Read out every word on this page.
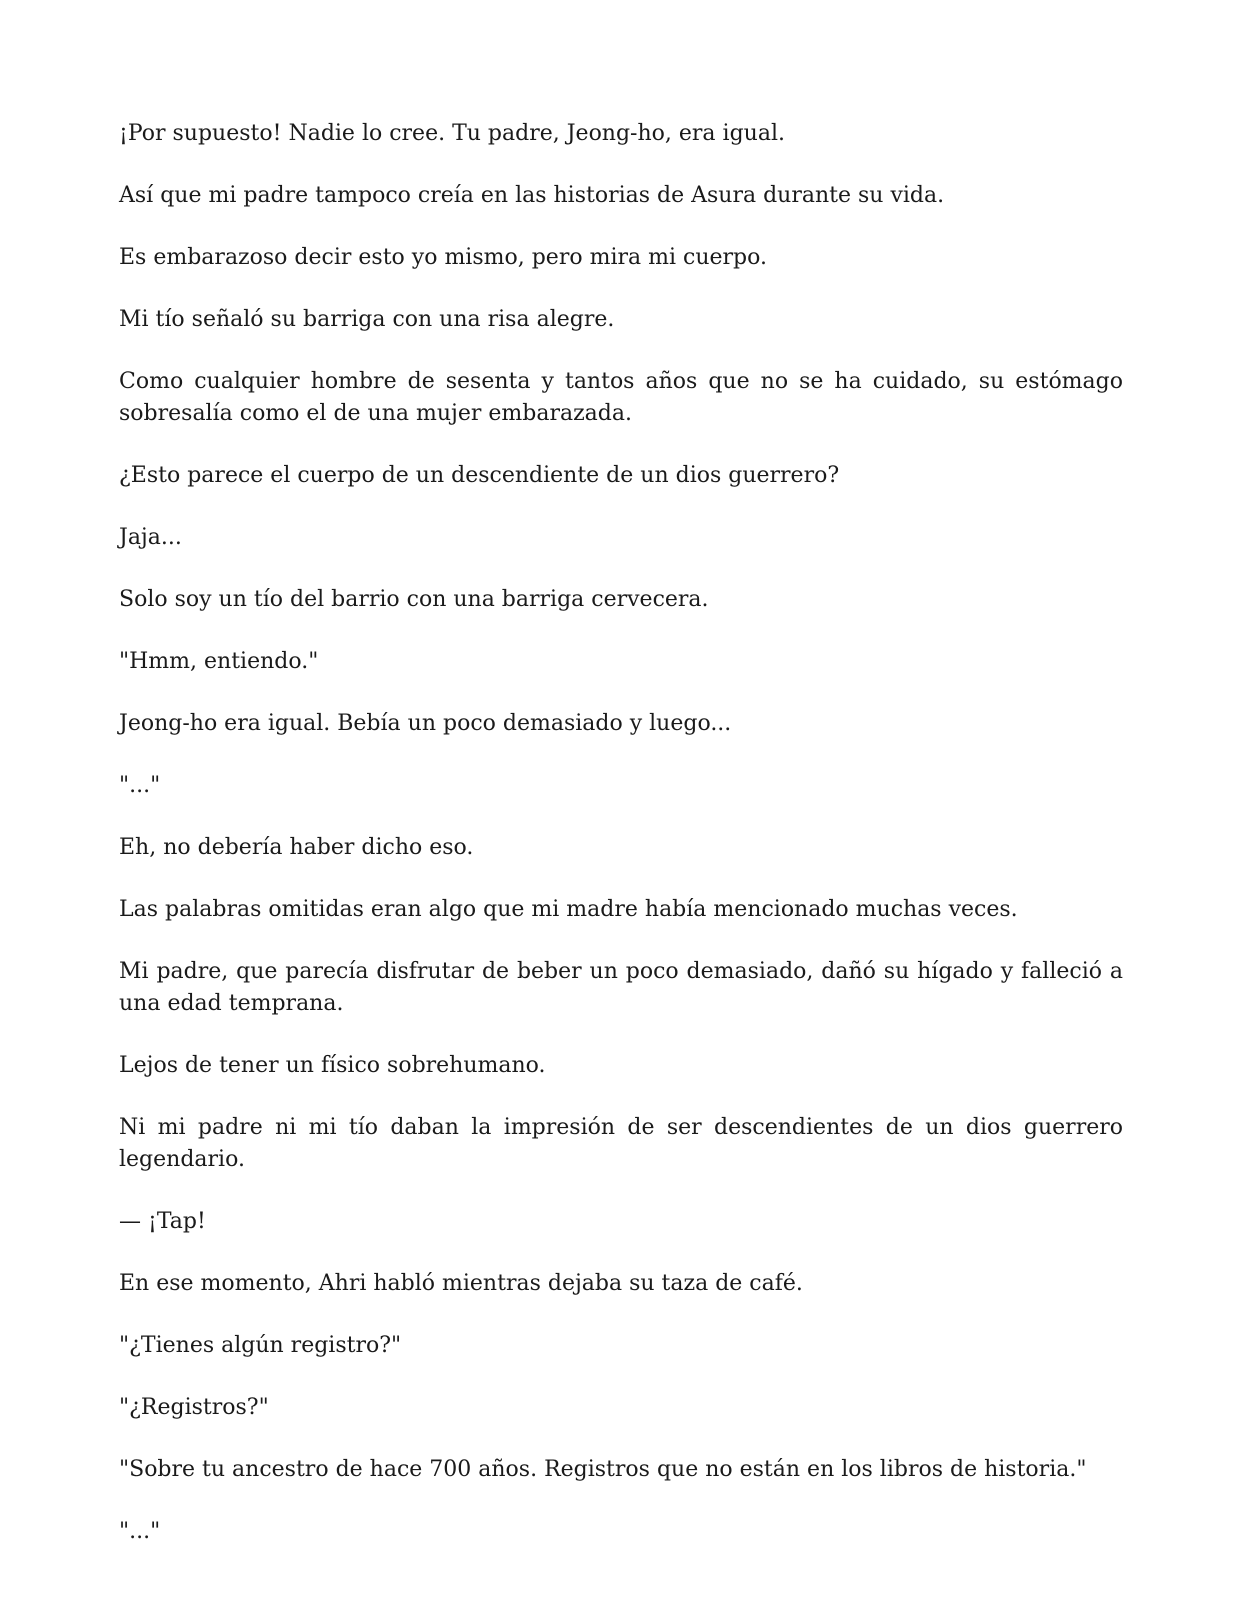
¡Por supuesto! Nadie lo cree. Tu padre, Jeong-ho, era igual.

Así que mi padre tampoco creía en las historias de Asura durante su vida.

Es embarazoso decir esto yo mismo, pero mira mi cuerpo.

Mi tío señaló su barriga con una risa alegre.

Como cualquier hombre de sesenta y tantos años que no se ha cuidado, su estómago sobresalía como el de una mujer embarazada.

¿Esto parece el cuerpo de un descendiente de un dios guerrero?

Jaja...

Solo soy un tío del barrio con una barriga cervecera.

"Hmm, entiendo."

Jeong-ho era igual. Bebía un poco demasiado y luego...

"..."

Eh, no debería haber dicho eso.

Las palabras omitidas eran algo que mi madre había mencionado muchas veces.

Mi padre, que parecía disfrutar de beber un poco demasiado, dañó su hígado y falleció a una edad temprana.

Lejos de tener un físico sobrehumano.

Ni mi padre ni mi tío daban la impresión de ser descendientes de un dios guerrero legendario.

— ¡Tap!

En ese momento, Ahri habló mientras dejaba su taza de café.

"¿Tienes algún registro?"

"¿Registros?"

"Sobre tu ancestro de hace 700 años. Registros que no están en los libros de historia."

"..."
